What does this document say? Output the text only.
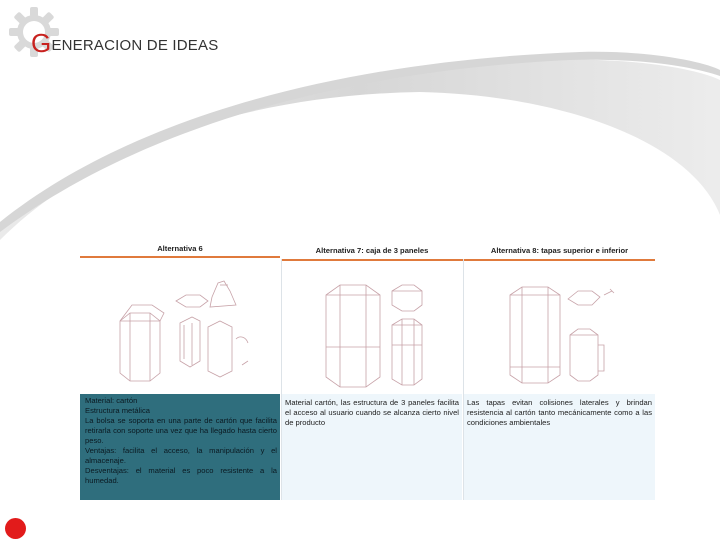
GENERACION DE IDEAS
Alternativa 6	Alternativa 7: caja de 3 paneles	Alternativa 8: tapas superior e inferior
Material: cartón
Estructura metálica
La bolsa se soporta en una parte de cartón que facilita retirarla con soporte una vez que ha llegado hasta cierto peso.
Ventajas: facilita el acceso, la manipulación y el almacenaje.
Desventajas: el material es poco resistente a la humedad.
Material cartón, las estructura de 3 paneles facilita el acceso al usuario cuando se alcanza cierto nivel de producto
Las tapas evitan colisiones laterales y brindan resistencia al cartón tanto mecánicamente como a las condiciones ambientales
